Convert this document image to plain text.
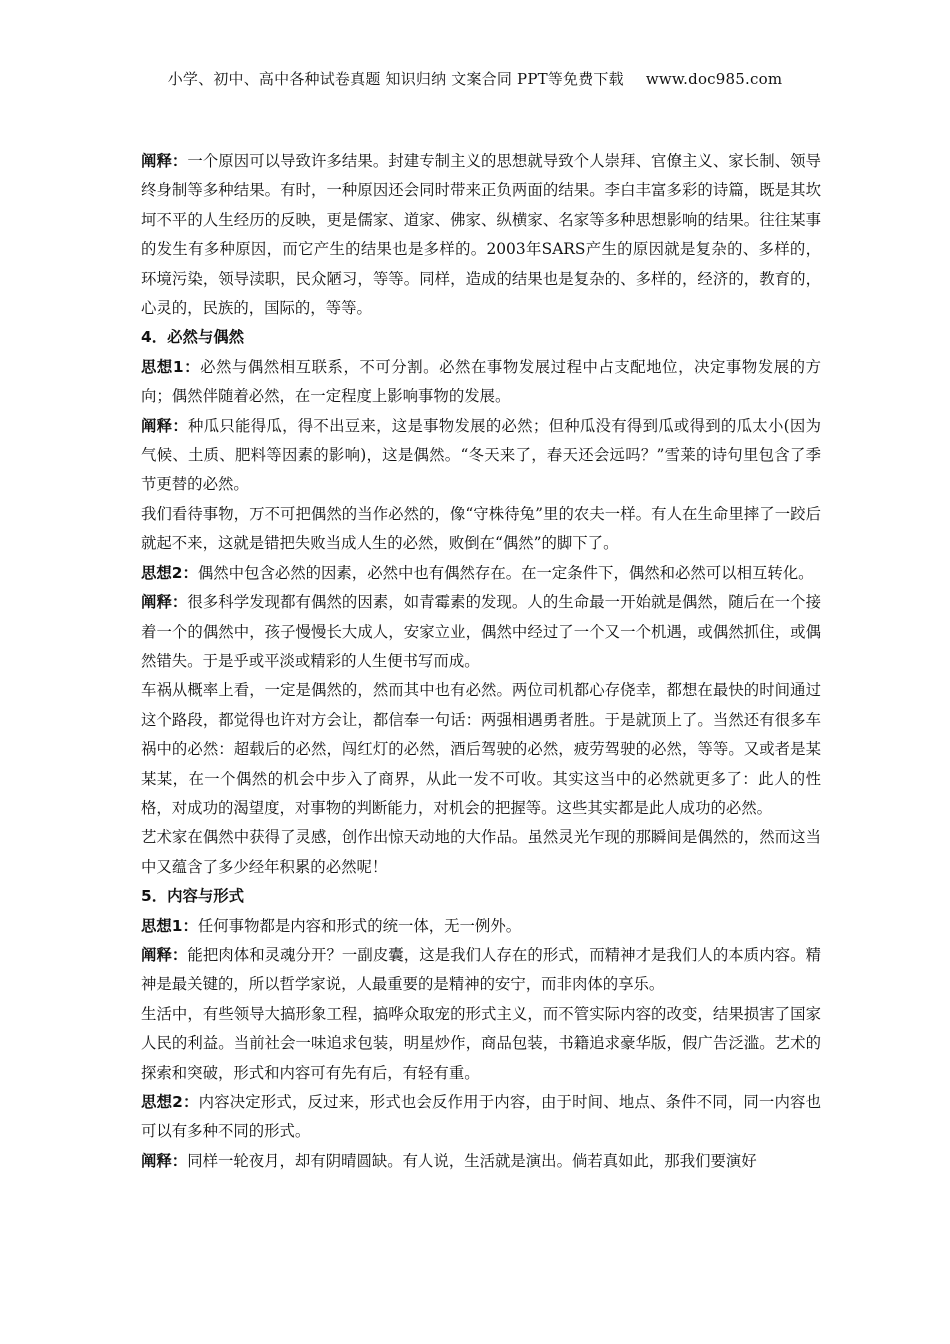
小学、初中、高中各种试卷真题 知识归纳 文案合同 PPT等免费下载 www.doc985.com

阐释：一个原因可以导致许多结果。封建专制主义的思想就导致个人崇拜、官僚主义、家长制、领导终身制等多种结果。有时，一种原因还会同时带来正负两面的结果。李白丰富多彩的诗篇，既是其坎坷不平的人生经历的反映，更是儒家、道家、佛家、纵横家、名家等多种思想影响的结果。往往某事的发生有多种原因，而它产生的结果也是多样的。2003年SARS产生的原因就是复杂的、多样的，环境污染，领导渎职，民众陋习，等等。同样，造成的结果也是复杂的、多样的，经济的，教育的，心灵的，民族的，国际的，等等。

4．必然与偶然

思想1：必然与偶然相互联系，不可分割。必然在事物发展过程中占支配地位，决定事物发展的方向；偶然伴随着必然，在一定程度上影响事物的发展。

阐释：种瓜只能得瓜，得不出豆来，这是事物发展的必然；但种瓜没有得到瓜或得到的瓜太小(因为气候、土质、肥料等因素的影响)，这是偶然。“冬天来了，春天还会远吗？”雪莱的诗句里包含了季节更替的必然。

我们看待事物，万不可把偶然的当作必然的，像“守株待兔”里的农夫一样。有人在生命里摔了一跤后就起不来，这就是错把失败当成人生的必然，败倒在“偶然”的脚下了。

思想2：偶然中包含必然的因素，必然中也有偶然存在。在一定条件下，偶然和必然可以相互转化。

阐释：很多科学发现都有偶然的因素，如青霉素的发现。人的生命最一开始就是偶然，随后在一个接着一个的偶然中，孩子慢慢长大成人，安家立业，偶然中经过了一个又一个机遇，或偶然抓住，或偶然错失。于是乎或平淡或精彩的人生便书写而成。

车祸从概率上看，一定是偶然的，然而其中也有必然。两位司机都心存侥幸，都想在最快的时间通过这个路段，都觉得也许对方会让，都信奉一句话：两强相遇勇者胜。于是就顶上了。当然还有很多车祸中的必然：超载后的必然，闯红灯的必然，酒后驾驶的必然，疲劳驾驶的必然，等等。又或者是某某某，在一个偶然的机会中步入了商界，从此一发不可收。其实这当中的必然就更多了：此人的性格，对成功的渴望度，对事物的判断能力，对机会的把握等。这些其实都是此人成功的必然。

艺术家在偶然中获得了灵感，创作出惊天动地的大作品。虽然灵光乍现的那瞬间是偶然的，然而这当中又蕴含了多少经年积累的必然呢！

5．内容与形式

思想1：任何事物都是内容和形式的统一体，无一例外。

阐释：能把肉体和灵魂分开？一副皮囊，这是我们人存在的形式，而精神才是我们人的本质内容。精神是最关键的，所以哲学家说，人最重要的是精神的安宁，而非肉体的享乐。

生活中，有些领导大搞形象工程，搞哗众取宠的形式主义，而不管实际内容的改变，结果损害了国家人民的利益。当前社会一味追求包装，明星炒作，商品包装，书籍追求豪华版，假广告泛滥。艺术的探索和突破，形式和内容可有先有后，有轻有重。

思想2：内容决定形式，反过来，形式也会反作用于内容，由于时间、地点、条件不同，同一内容也可以有多种不同的形式。

阐释：同样一轮夜月，却有阴晴圆缺。有人说，生活就是演出。倘若真如此，那我们要演好
